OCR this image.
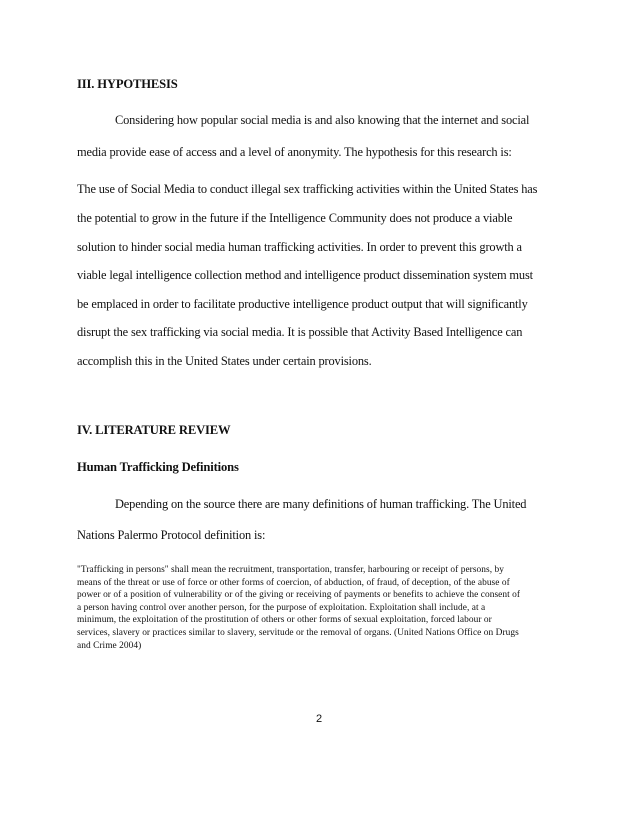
III. HYPOTHESIS

Considering how popular social media is and also knowing that the internet and social

media provide ease of access and a level of anonymity. The hypothesis for this research is:

The use of Social Media to conduct illegal sex trafficking activities within the United States has

the potential to grow in the future if the Intelligence Community does not produce a viable

solution to hinder social media human trafficking activities. In order to prevent this growth a

viable legal intelligence collection method and intelligence product dissemination system must

be emplaced in order to facilitate productive intelligence product output that will significantly

disrupt the sex trafficking via social media. It is possible that Activity Based Intelligence can

accomplish this in the United States under certain provisions.

IV. LITERATURE REVIEW
Human Trafficking Definitions

Depending on the source there are many definitions of human trafficking. The United

Nations Palermo Protocol definition is:

"Trafficking in persons" shall mean the recruitment, transportation, transfer, harbouring or receipt of persons, by
means of the threat or use of force or other forms of coercion, of abduction, of fraud, of deception, of the abuse of
power or of a position of vulnerability or of the giving or receiving of payments or benefits to achieve the consent of
a person having control over another person, for the purpose of exploitation. Exploitation shall include, at a
minimum, the exploitation of the prostitution of others or other forms of sexual exploitation, forced labour or
services, slavery or practices similar to slavery, servitude or the removal of organs. (United Nations Office on Drugs
and Crime 2004)

2
